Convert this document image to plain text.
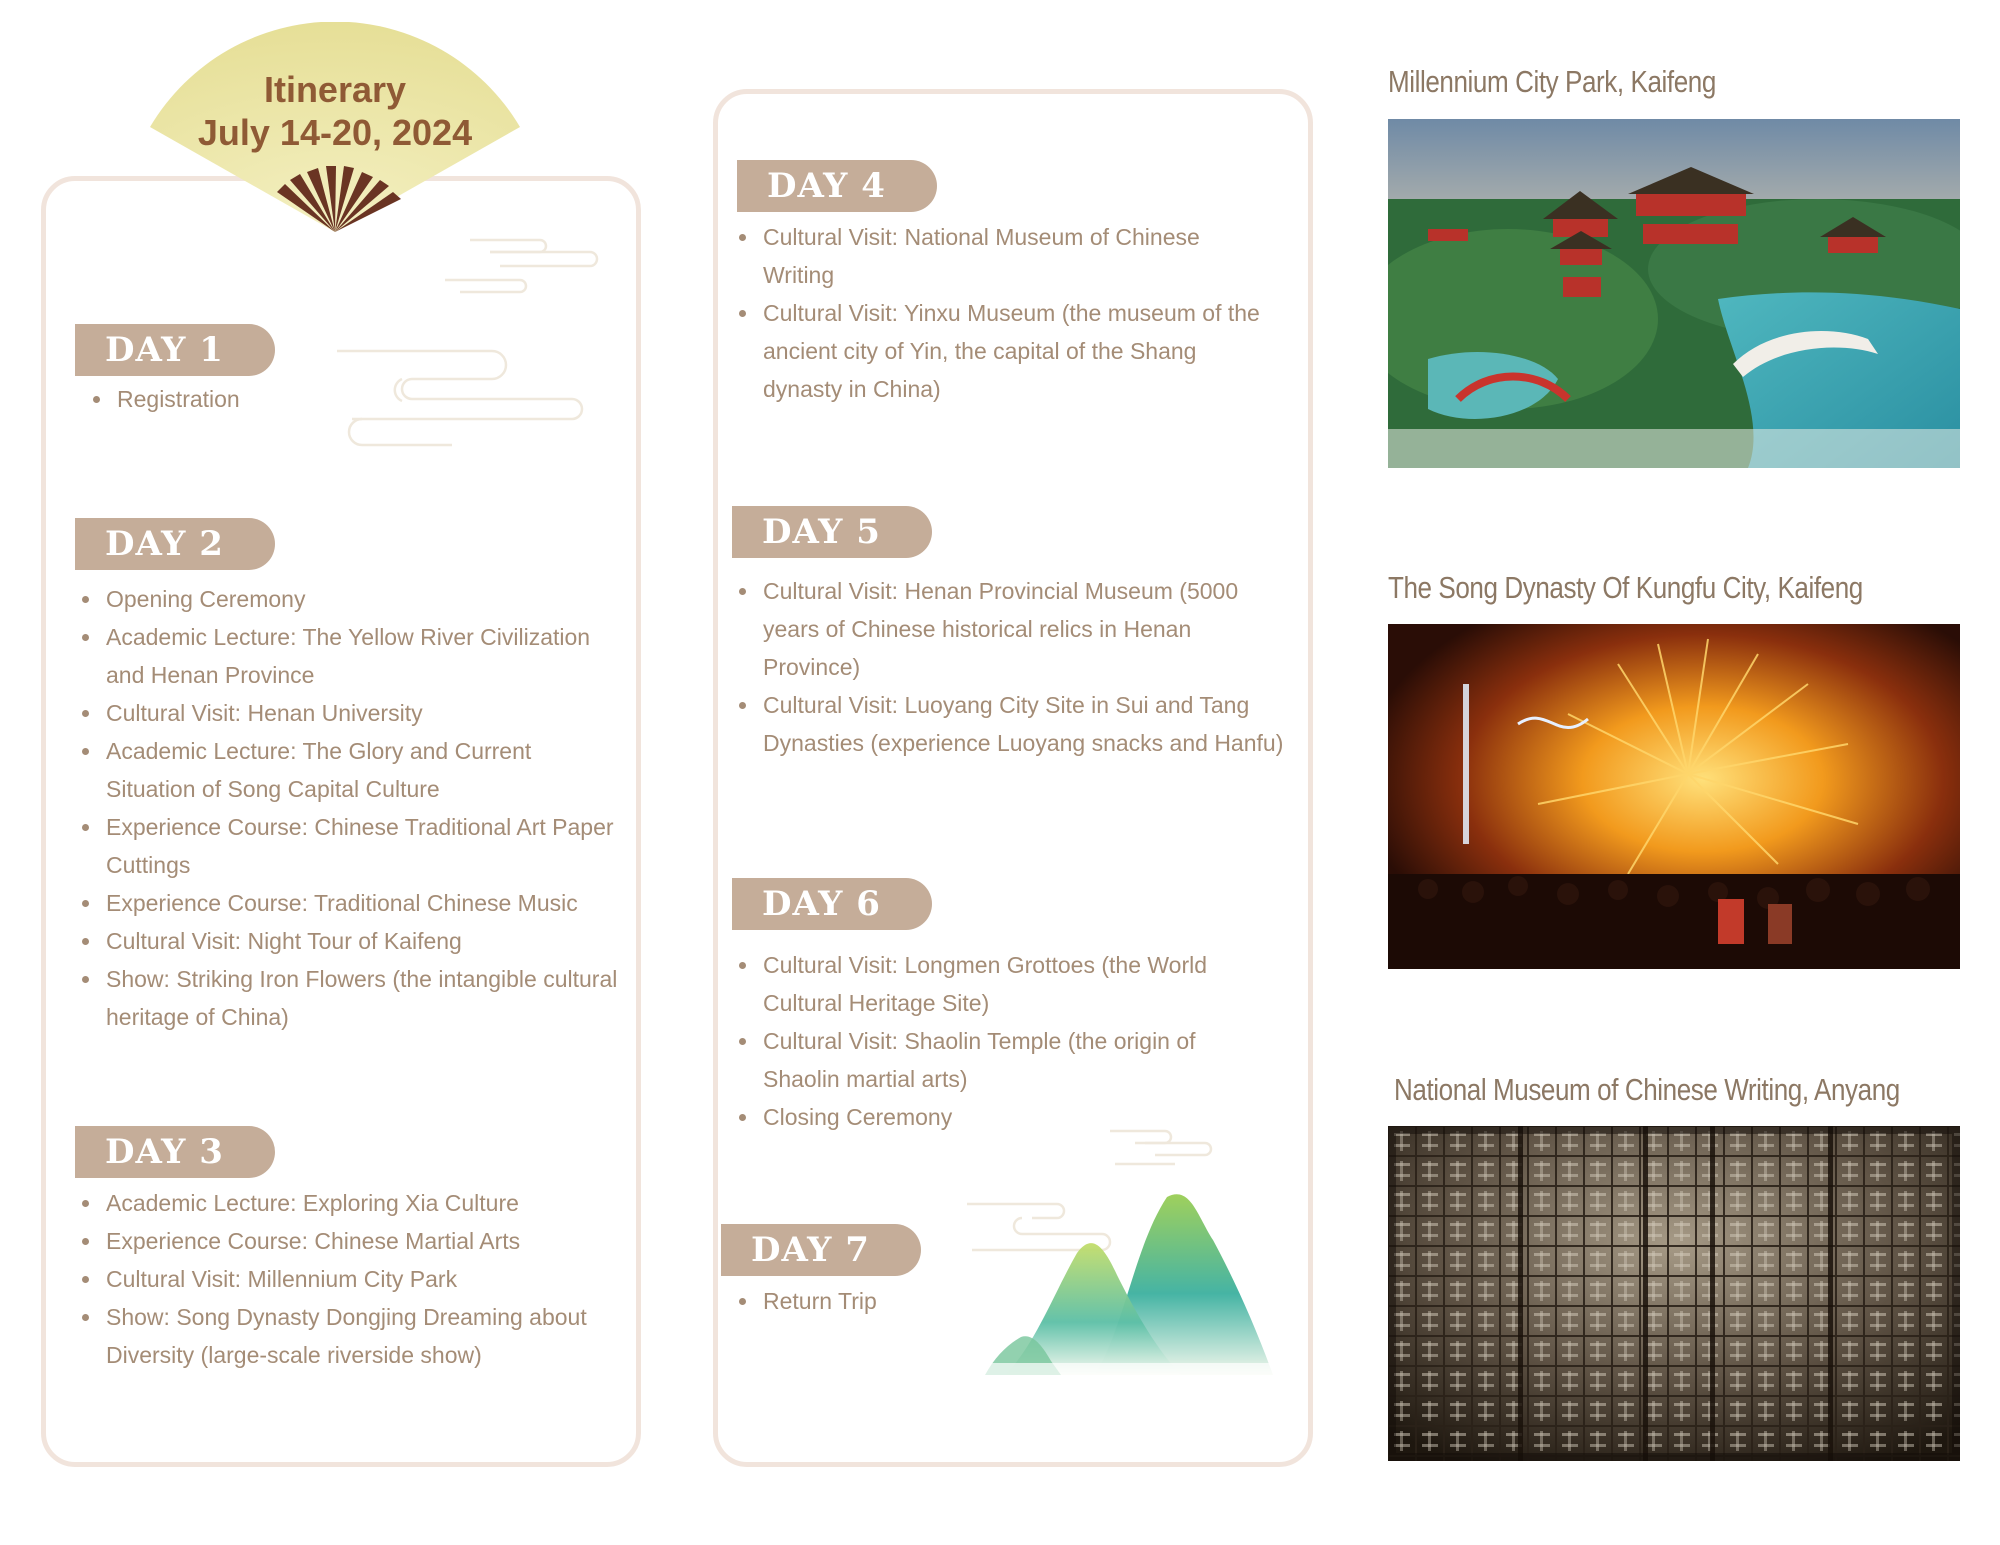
Itinerary
July 14-20, 2024
DAY 1
Registration
DAY 2
Opening Ceremony
Academic Lecture: The Yellow River Civilization
and Henan Province
Cultural Visit: Henan University
Academic Lecture: The Glory and Current
Situation of Song Capital Culture
Experience Course: Chinese Traditional Art Paper
Cuttings
Experience Course: Traditional Chinese Music
Cultural Visit: Night Tour of Kaifeng
Show: Striking Iron Flowers (the intangible cultural
heritage of China)
DAY 3
Academic Lecture: Exploring Xia Culture
Experience Course: Chinese Martial Arts
Cultural Visit: Millennium City Park
Show: Song Dynasty Dongjing Dreaming about
Diversity (large-scale riverside show)
DAY 4
Cultural Visit: National Museum of Chinese
Writing
Cultural Visit: Yinxu Museum (the museum of the
ancient city of Yin, the capital of the Shang
dynasty in China)
DAY 5
Cultural Visit: Henan Provincial Museum (5000
years of Chinese historical relics in Henan
Province)
Cultural Visit: Luoyang City Site in Sui and Tang
Dynasties (experience Luoyang snacks and Hanfu)
DAY 6
Cultural Visit: Longmen Grottoes (the World
Cultural Heritage Site)
Cultural Visit: Shaolin Temple (the origin of
Shaolin martial arts)
Closing Ceremony
DAY 7
Return Trip
Millennium City Park, Kaifeng
The Song Dynasty Of Kungfu City, Kaifeng
National Museum of Chinese Writing, Anyang
